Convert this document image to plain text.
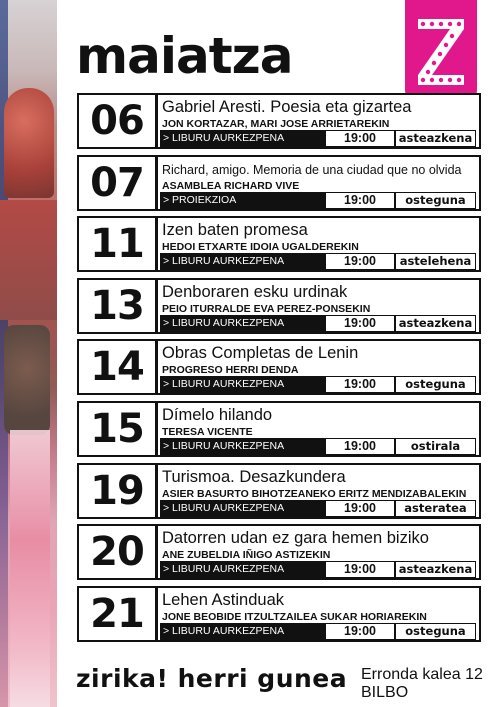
maiatza
06	Gabriel Aresti. Poesia eta gizartea
JON KORTAZAR, MARI JOSE ARRIETAREKIN
> LIBURU AURKEZPENA	19:00	asteazkena
07	Richard, amigo. Memoria de una ciudad que no olvida
ASAMBLEA RICHARD VIVE
> PROIEKZIOA	19:00	osteguna
11	Izen baten promesa
HEDOI ETXARTE IDOIA UGALDEREKIN
> LIBURU AURKEZPENA	19:00	astelehena
13	Denboraren esku urdinak
PEIO ITURRALDE EVA PEREZ-PONSEKIN
> LIBURU AURKEZPENA	19:00	asteazkena
14	Obras Completas de Lenin
PROGRESO HERRI DENDA
> LIBURU AURKEZPENA	19:00	osteguna
15	Dímelo hilando
TERESA VICENTE
> LIBURU AURKEZPENA	19:00	ostirala
19	Turismoa. Desazkundera
ASIER BASURTO BIHOTZEANEKO ERITZ MENDIZABALEKIN
> LIBURU AURKEZPENA	19:00	asteratea
20	Datorren udan ez gara hemen biziko
ANE ZUBELDIA IÑIGO ASTIZEKIN
> LIBURU AURKEZPENA	19:00	asteazkena
21	Lehen Astinduak
JONE BEOBIDE ITZULTZAILEA SUKAR HORIAREKIN
> LIBURU AURKEZPENA	19:00	osteguna
zirika! herri gunea Erronda kalea 12
BILBO
